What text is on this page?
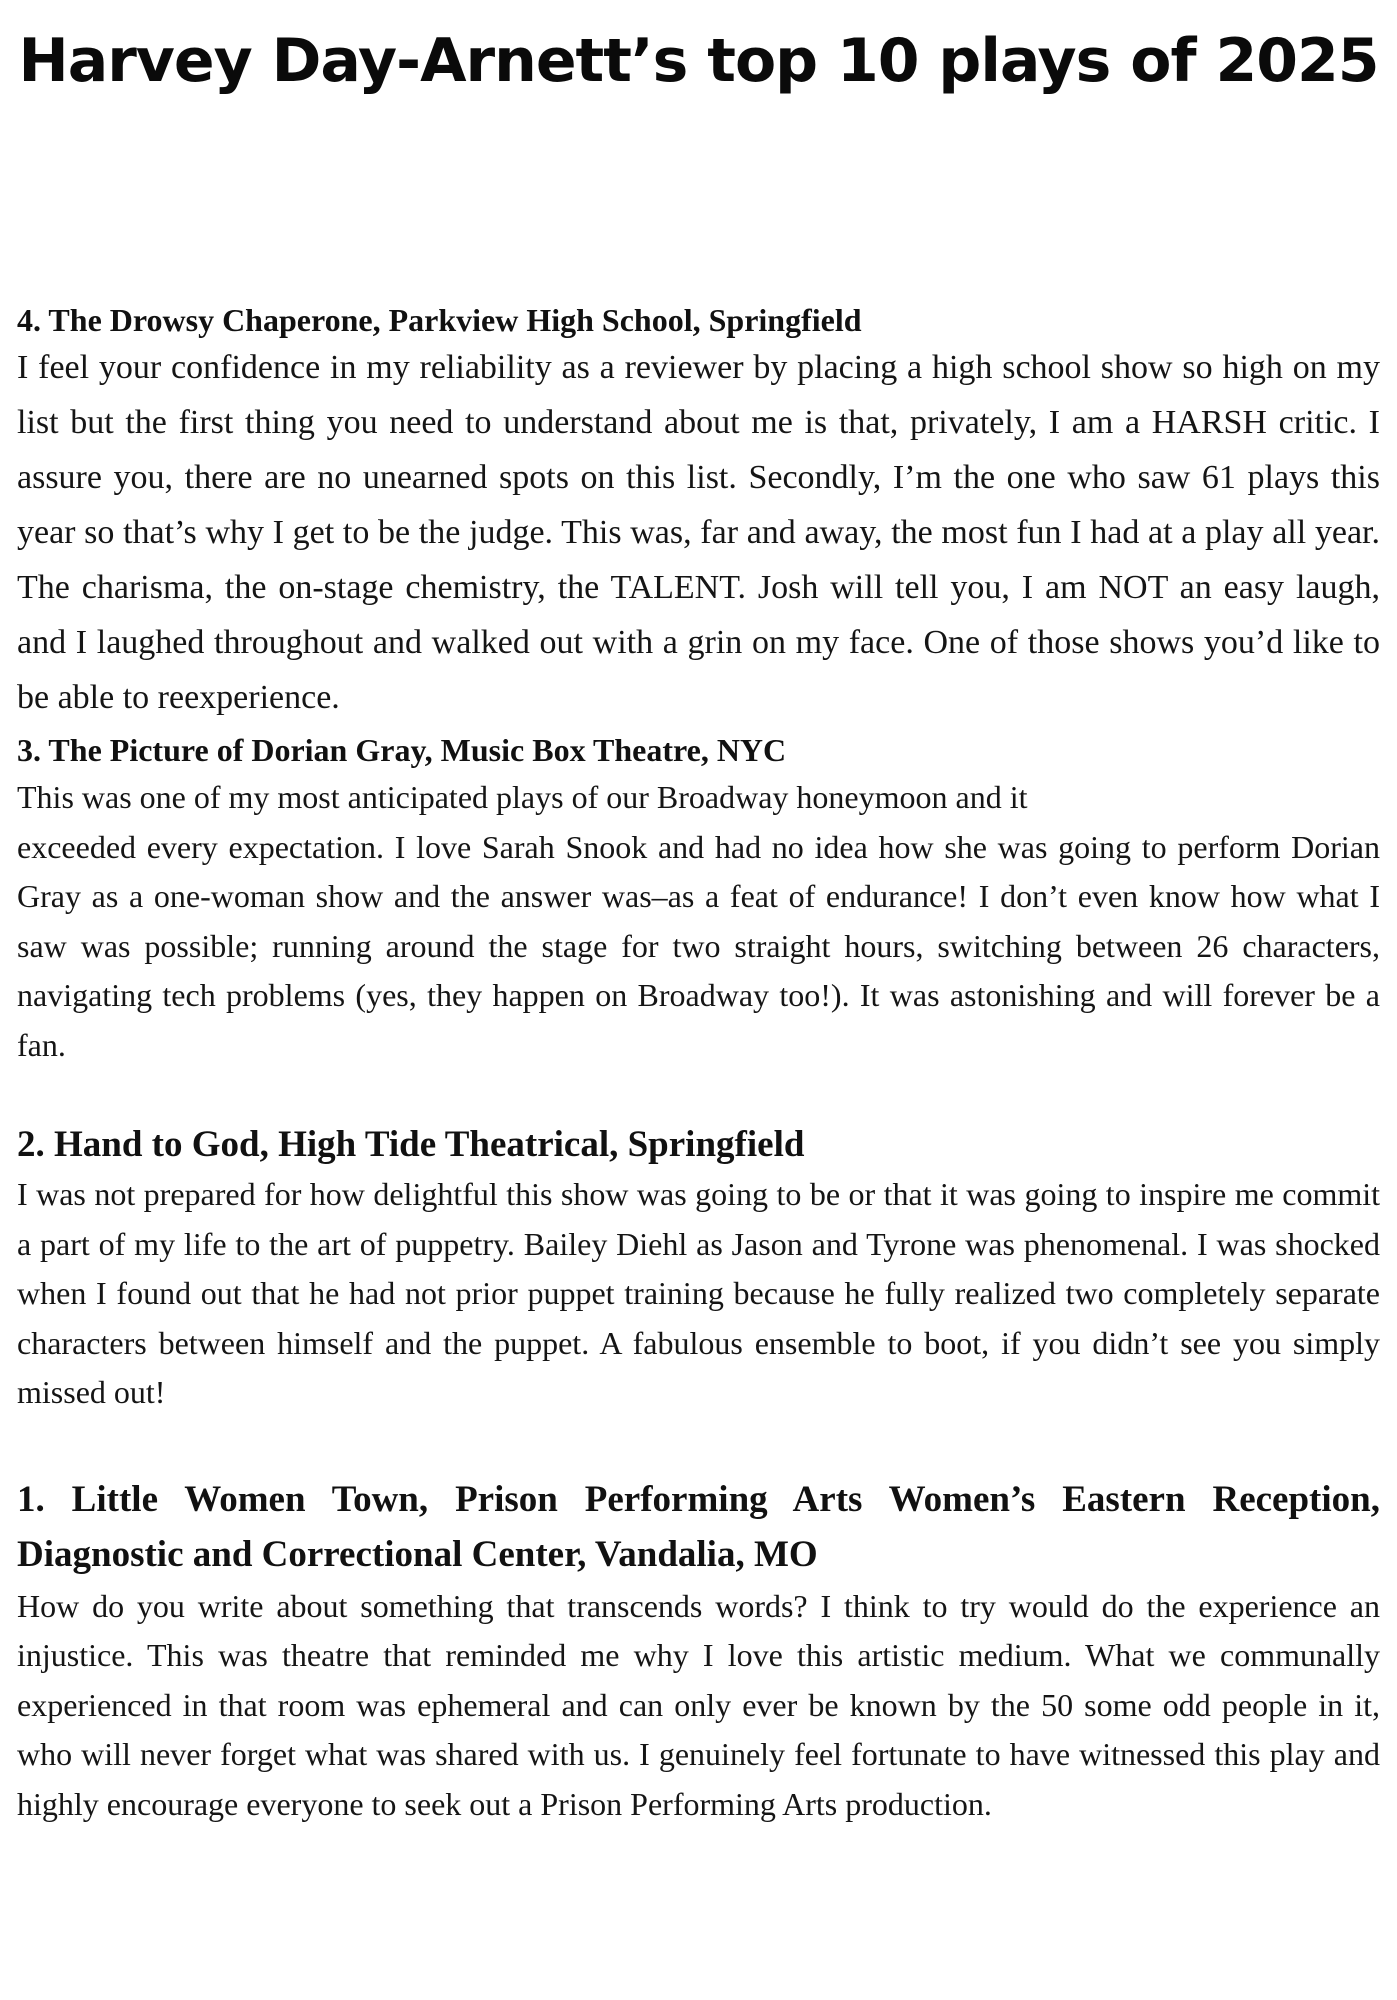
Harvey Day-Arnett’s top 10 plays of 2025

4. The Drowsy Chaperone, Parkview High School, Springfield

I feel your confidence in my reliability as a reviewer by placing a high school show so high on my list but the first thing you need to understand about me is that, privately, I am a HARSH critic. I assure you, there are no unearned spots on this list. Secondly, I’m the one who saw 61 plays this year so that’s why I get to be the judge. This was, far and away, the most fun I had at a play all year. The charisma, the on-stage chemistry, the TALENT. Josh will tell you, I am NOT an easy laugh, and I laughed throughout and walked out with a grin on my face. One of those shows you’d like to be able to reexperience.

3. The Picture of Dorian Gray, Music Box Theatre, NYC

This was one of my most anticipated plays of our Broadway honeymoon and it
exceeded every expectation. I love Sarah Snook and had no idea how she was going to perform Dorian Gray as a one-woman show and the answer was–as a feat of endurance! I don’t even know how what I saw was possible; running around the stage for two straight hours, switching between 26 characters, navigating tech problems (yes, they happen on Broadway too!). It was astonishing and will forever be a fan.

2. Hand to God, High Tide Theatrical, Springfield

I was not prepared for how delightful this show was going to be or that it was going to inspire me commit a part of my life to the art of puppetry. Bailey Diehl as Jason and Tyrone was phenomenal. I was shocked when I found out that he had not prior puppet training because he fully realized two completely separate characters between himself and the puppet. A fabulous ensemble to boot, if you didn’t see you simply missed out!

1. Little Women Town, Prison Performing Arts Women’s Eastern Reception, Diagnostic and Correctional Center, Vandalia, MO

How do you write about something that transcends words? I think to try would do the experience an injustice. This was theatre that reminded me why I love this artistic medium. What we communally experienced in that room was ephemeral and can only ever be known by the 50 some odd people in it, who will never forget what was shared with us. I genuinely feel fortunate to have witnessed this play and highly encourage everyone to seek out a Prison Performing Arts production.
